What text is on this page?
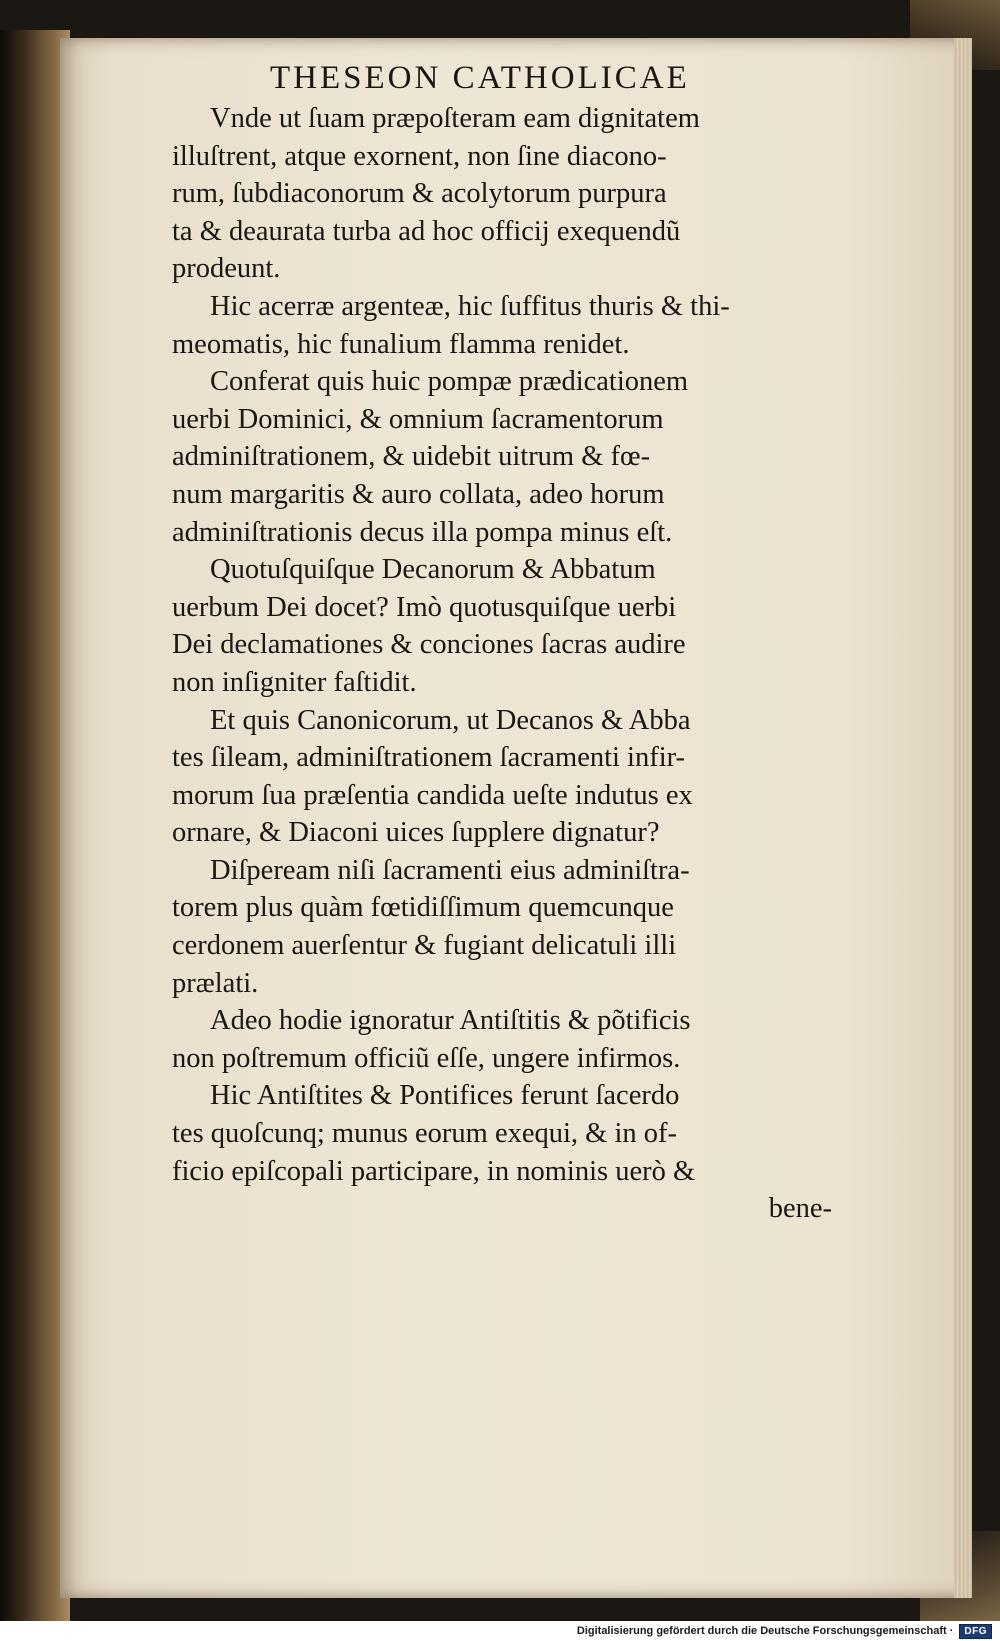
THESEON CATHOLICAE
Vnde ut ſuam præpoſteram eam dignitatem
illuſtrent, atque exornent, non ſine diacono-
rum, ſubdiaconorum & acolytorum purpura
ta & deaurata turba ad hoc officij exequendũ
prodeunt.
Hic acerræ argenteæ, hic ſuffitus thuris & thi-
meomatis, hic funalium flamma renidet.
Conferat quis huic pompæ prædicationem
uerbi Dominici, & omnium ſacramentorum
adminiſtrationem, & uidebit uitrum & fœ-
num margaritis & auro collata, adeo horum
adminiſtrationis decus illa pompa minus eſt.
Quotuſquiſque Decanorum & Abbatum
uerbum Dei docet? Imò quotusquiſque uerbi
Dei declamationes & conciones ſacras audire
non inſigniter faſtidit.
Et quis Canonicorum, ut Decanos & Abba
tes ſileam, adminiſtrationem ſacramenti infir-
morum ſua præſentia candida ueſte indutus ex
ornare, & Diaconi uices ſupplere dignatur?
Diſperеam niſi ſacramenti eius adminiſtra-
torem plus quàm fœtidiſſimum quemcunque
cerdonem auerſentur & fugiant delicatuli illi
prælati.
Adeo hodie ignoratur Antiſtitis & põtificis
non poſtremum officiũ eſſe, ungere infirmos.
Hic Antiſtites & Pontifices ferunt ſacerdo
tes quoſcunq; munus eorum exequi, & in of-
ficio epiſcopali participare, in nominis uerò &
bene-
Digitalisierung gefördert durch die Deutsche Forschungsgemeinschaft ·	DFG
